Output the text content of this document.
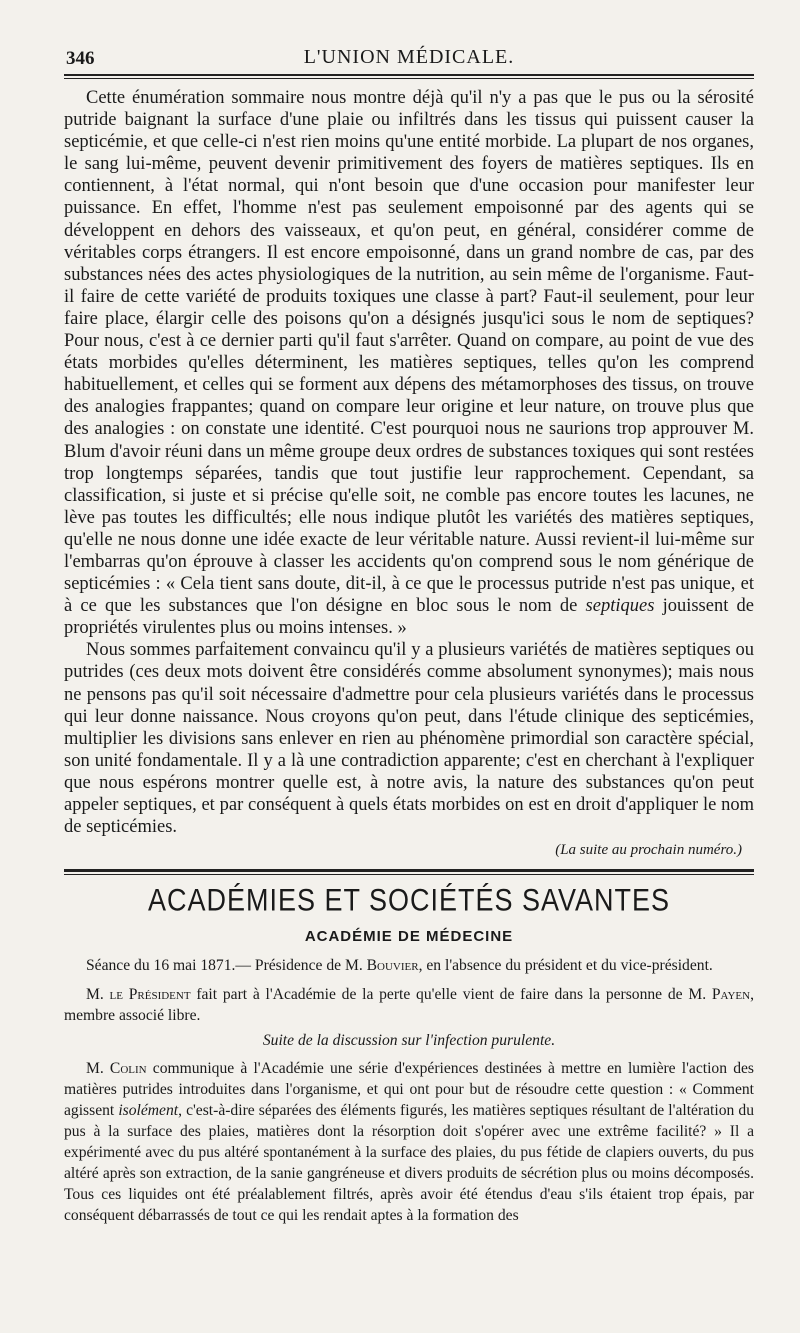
346	L'UNION MÉDICALE.

Cette énumération sommaire nous montre déjà qu'il n'y a pas que le pus ou la sérosité putride baignant la surface d'une plaie ou infiltrés dans les tissus qui puissent causer la septicémie, et que celle-ci n'est rien moins qu'une entité morbide. La plupart de nos organes, le sang lui-même, peuvent devenir primitivement des foyers de matières septiques. Ils en contiennent, à l'état normal, qui n'ont besoin que d'une occasion pour manifester leur puissance. En effet, l'homme n'est pas seulement empoisonné par des agents qui se développent en dehors des vaisseaux, et qu'on peut, en général, considérer comme de véritables corps étrangers. Il est encore empoisonné, dans un grand nombre de cas, par des substances nées des actes physiologiques de la nutrition, au sein même de l'organisme. Faut-il faire de cette variété de produits toxiques une classe à part? Faut-il seulement, pour leur faire place, élargir celle des poisons qu'on a désignés jusqu'ici sous le nom de septiques? Pour nous, c'est à ce dernier parti qu'il faut s'arrêter. Quand on compare, au point de vue des états morbides qu'elles déterminent, les matières septiques, telles qu'on les comprend habituellement, et celles qui se forment aux dépens des métamorphoses des tissus, on trouve des analogies frappantes; quand on compare leur origine et leur nature, on trouve plus que des analogies : on constate une identité. C'est pourquoi nous ne saurions trop approuver M. Blum d'avoir réuni dans un même groupe deux ordres de substances toxiques qui sont restées trop longtemps séparées, tandis que tout justifie leur rapprochement. Cependant, sa classification, si juste et si précise qu'elle soit, ne comble pas encore toutes les lacunes, ne lève pas toutes les difficultés; elle nous indique plutôt les variétés des matières septiques, qu'elle ne nous donne une idée exacte de leur véritable nature. Aussi revient-il lui-même sur l'embarras qu'on éprouve à classer les accidents qu'on comprend sous le nom générique de septicémies : « Cela tient sans doute, dit-il, à ce que le processus putride n'est pas unique, et à ce que les substances que l'on désigne en bloc sous le nom de septiques jouissent de propriétés virulentes plus ou moins intenses. »

Nous sommes parfaitement convaincu qu'il y a plusieurs variétés de matières septiques ou putrides (ces deux mots doivent être considérés comme absolument synonymes); mais nous ne pensons pas qu'il soit nécessaire d'admettre pour cela plusieurs variétés dans le processus qui leur donne naissance. Nous croyons qu'on peut, dans l'étude clinique des septicémies, multiplier les divisions sans enlever en rien au phénomène primordial son caractère spécial, son unité fondamentale. Il y a là une contradiction apparente; c'est en cherchant à l'expliquer que nous espérons montrer quelle est, à notre avis, la nature des substances qu'on peut appeler septiques, et par conséquent à quels états morbides on est en droit d'appliquer le nom de septicémies.

(La suite au prochain numéro.)
ACADÉMIES ET SOCIÉTÉS SAVANTES
ACADÉMIE DE MÉDECINE

Séance du 16 mai 1871.— Présidence de M. Bouvier, en l'absence du président et du vice-président.

M. le Président fait part à l'Académie de la perte qu'elle vient de faire dans la personne de M. Payen, membre associé libre.

Suite de la discussion sur l'infection purulente.

M. Colin communique à l'Académie une série d'expériences destinées à mettre en lumière l'action des matières putrides introduites dans l'organisme, et qui ont pour but de résoudre cette question : « Comment agissent isolément, c'est-à-dire séparées des éléments figurés, les matières septiques résultant de l'altération du pus à la surface des plaies, matières dont la résorption doit s'opérer avec une extrême facilité? » Il a expérimenté avec du pus altéré spontanément à la surface des plaies, du pus fétide de clapiers ouverts, du pus altéré après son extraction, de la sanie gangréneuse et divers produits de sécrétion plus ou moins décomposés. Tous ces liquides ont été préalablement filtrés, après avoir été étendus d'eau s'ils étaient trop épais, par conséquent débarrassés de tout ce qui les rendait aptes à la formation des
